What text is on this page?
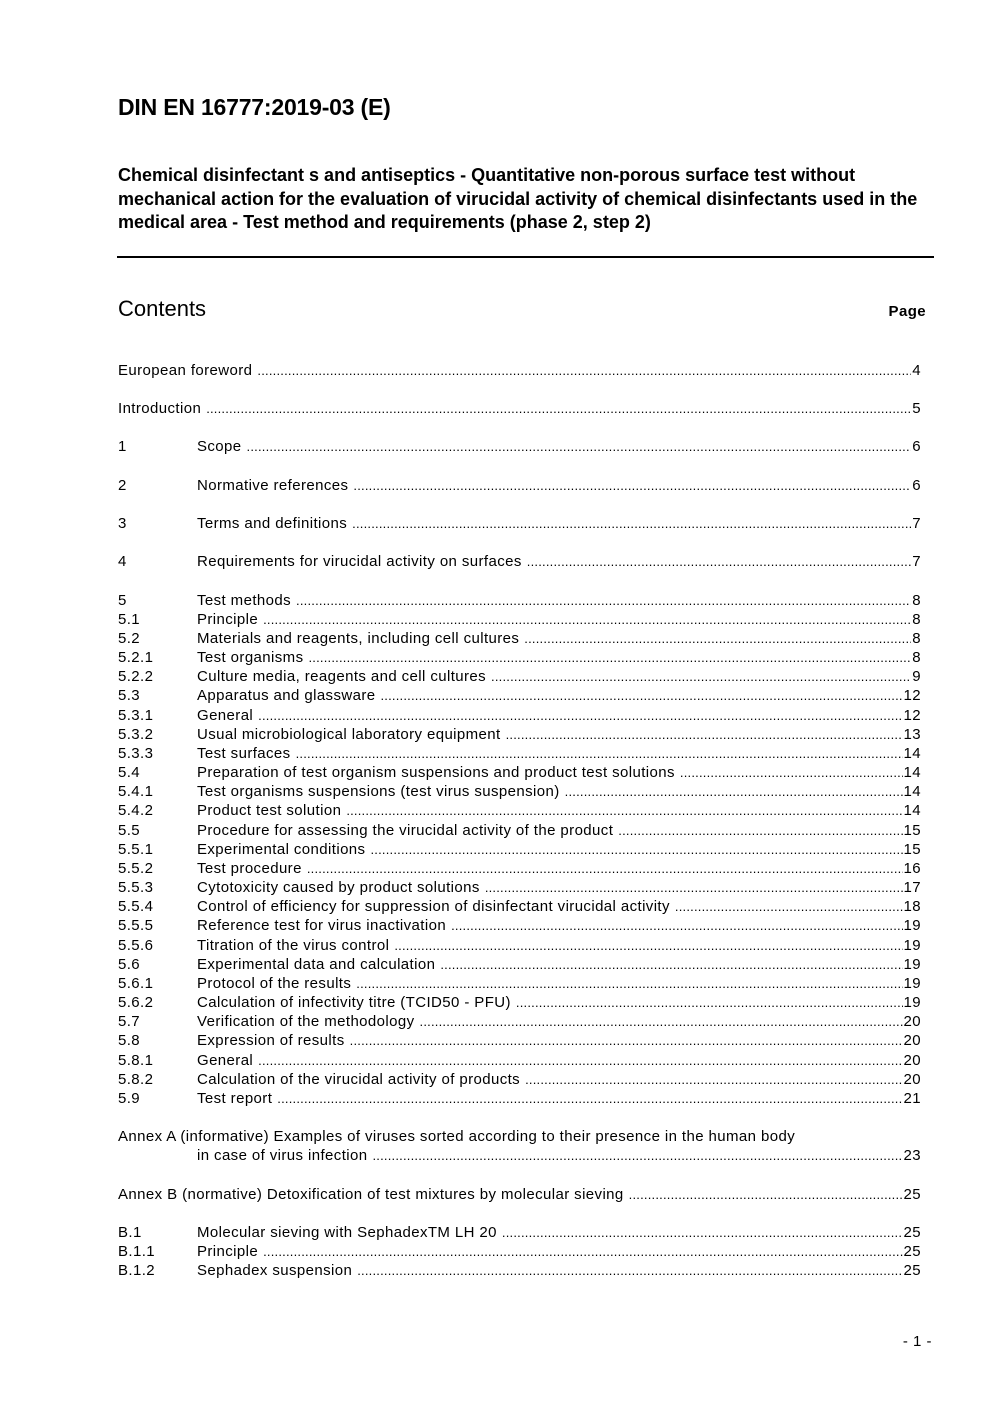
DIN EN 16777:2019-03 (E)

Chemical disinfectant s and antiseptics - Quantitative non-porous surface test without mechanical action for the evaluation of virucidal activity of chemical disinfectants used in the medical area - Test method and requirements (phase 2, step 2)

Contents	Page
European foreword .....	4
Introduction .....	5
1	Scope .....	6
2	Normative references .....	6
3	Terms and definitions .....	7
4	Requirements for virucidal activity on surfaces .....	7
5	Test methods .....	8
5.1	Principle .....	8
5.2	Materials and reagents, including cell cultures .....	8
5.2.1	Test organisms .....	8
5.2.2	Culture media, reagents and cell cultures .....	9
5.3	Apparatus and glassware .....	12
5.3.1	General .....	12
5.3.2	Usual microbiological laboratory equipment .....	13
5.3.3	Test surfaces .....	14
5.4	Preparation of test organism suspensions and product test solutions .....	14
5.4.1	Test organisms suspensions (test virus suspension) .....	14
5.4.2	Product test solution .....	14
5.5	Procedure for assessing the virucidal activity of the product .....	15
5.5.1	Experimental conditions .....	15
5.5.2	Test procedure .....	16
5.5.3	Cytotoxicity caused by product solutions .....	17
5.5.4	Control of efficiency for suppression of disinfectant virucidal activity .....	18
5.5.5	Reference test for virus inactivation .....	19
5.5.6	Titration of the virus control .....	19
5.6	Experimental data and calculation .....	19
5.6.1	Protocol of the results .....	19
5.6.2	Calculation of infectivity titre (TCID50 - PFU) .....	19
5.7	Verification of the methodology .....	20
5.8	Expression of results .....	20
5.8.1	General .....	20
5.8.2	Calculation of the virucidal activity of products .....	20
5.9	Test report .....	21
Annex A (informative) Examples of viruses sorted according to their presence in the human body
in case of virus infection .....	23
Annex B (normative) Detoxification of test mixtures by molecular sieving .....	25
B.1	Molecular sieving with SephadexTM LH 20 .....	25
B.1.1	Principle .....	25
B.1.2	Sephadex suspension .....	25
- 1 -
